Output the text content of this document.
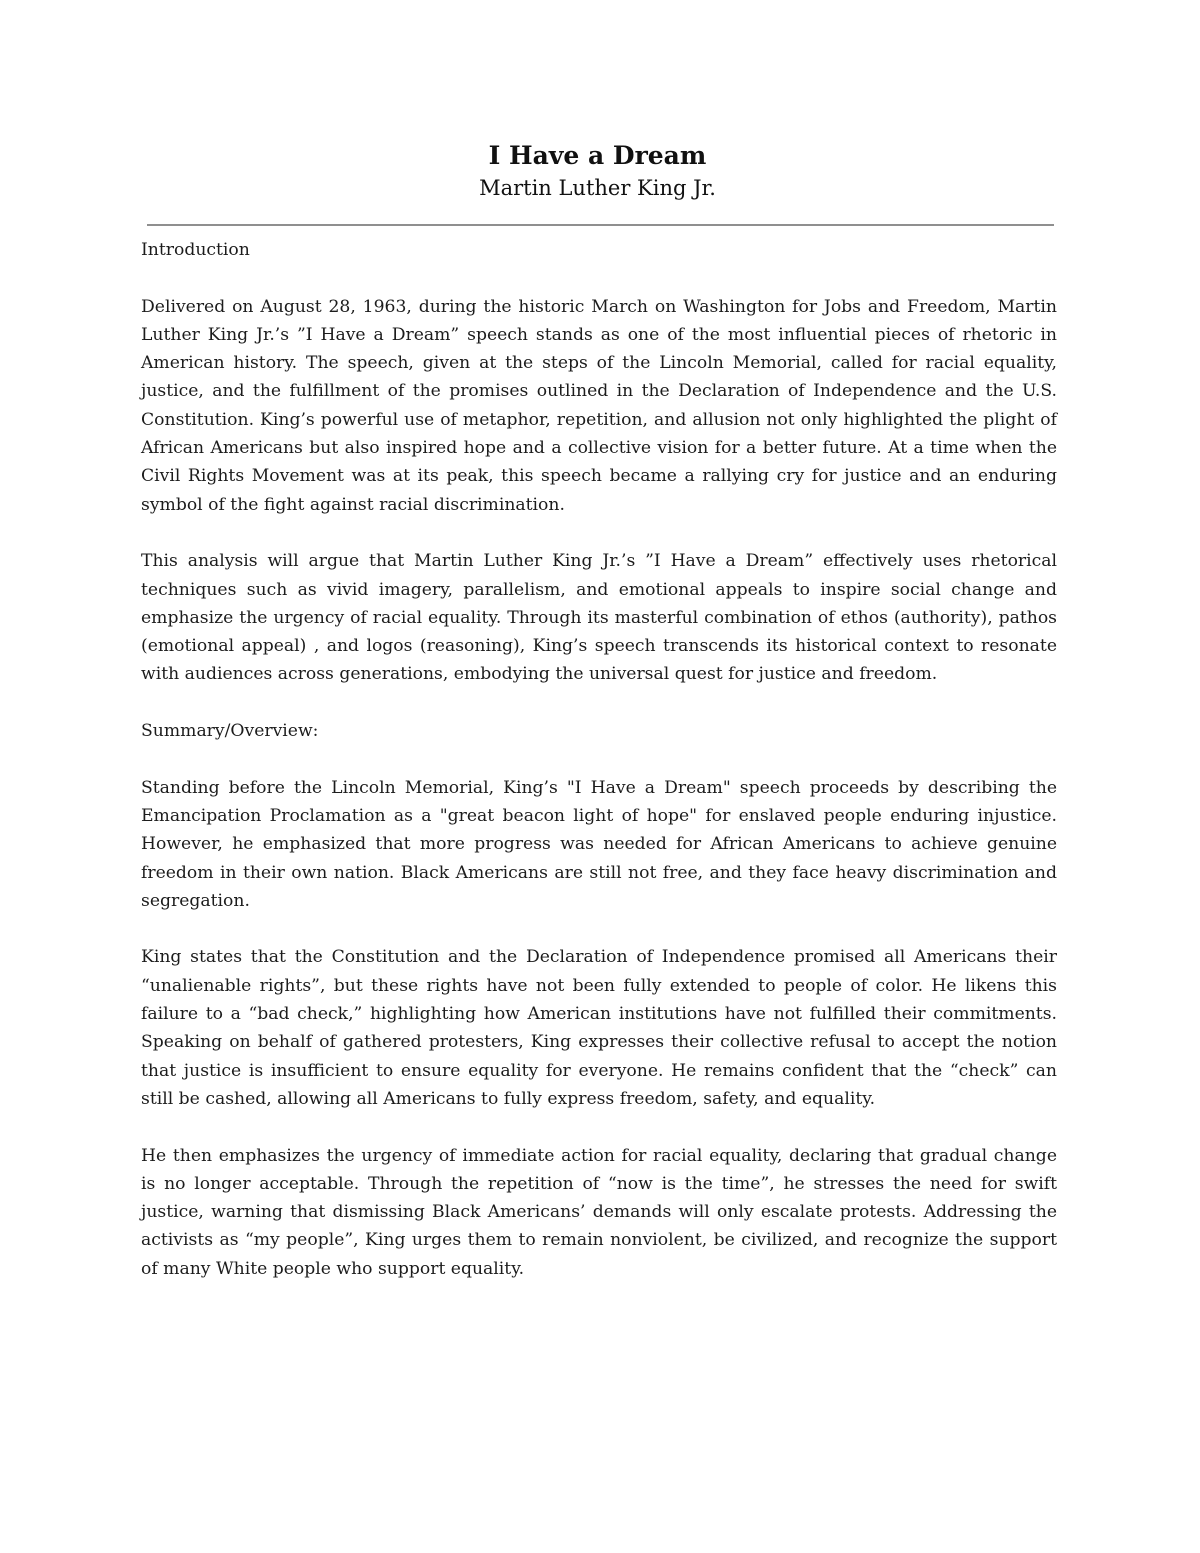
I Have a Dream
Martin Luther King Jr.

Introduction

Delivered on August 28, 1963, during the historic March on Washington for Jobs and Freedom, Martin Luther King Jr.’s ”I Have a Dream” speech stands as one of the most influential pieces of rhetoric in American history. The speech, given at the steps of the Lincoln Memorial, called for racial equality, justice, and the fulfillment of the promises outlined in the Declaration of Independence and the U.S. Constitution. King’s powerful use of metaphor, repetition, and allusion not only highlighted the plight of African Americans but also inspired hope and a collective vision for a better future. At a time when the Civil Rights Movement was at its peak, this speech became a rallying cry for justice and an enduring symbol of the fight against racial discrimination.

This analysis will argue that Martin Luther King Jr.’s ”I Have a Dream” effectively uses rhetorical techniques such as vivid imagery, parallelism, and emotional appeals to inspire social change and emphasize the urgency of racial equality. Through its masterful combination of ethos (authority), pathos (emotional appeal) , and logos (reasoning), King’s speech transcends its historical context to resonate with audiences across generations, embodying the universal quest for justice and freedom.

Summary/Overview:

Standing before the Lincoln Memorial, King’s "I Have a Dream" speech proceeds by describing the Emancipation Proclamation as a "great beacon light of hope" for enslaved people enduring injustice. However, he emphasized that more progress was needed for African Americans to achieve genuine freedom in their own nation. Black Americans are still not free, and they face heavy discrimination and segregation.

King states that the Constitution and the Declaration of Independence promised all Americans their “unalienable rights”, but these rights have not been fully extended to people of color. He likens this failure to a “bad check,” highlighting how American institutions have not fulfilled their commitments. Speaking on behalf of gathered protesters, King expresses their collective refusal to accept the notion that justice is insufficient to ensure equality for everyone. He remains confident that the “check” can still be cashed, allowing all Americans to fully express freedom, safety, and equality.

He then emphasizes the urgency of immediate action for racial equality, declaring that gradual change is no longer acceptable. Through the repetition of “now is the time”, he stresses the need for swift justice, warning that dismissing Black Americans’ demands will only escalate protests. Addressing the activists as “my people”, King urges them to remain nonviolent, be civilized, and recognize the support of many White people who support equality.
